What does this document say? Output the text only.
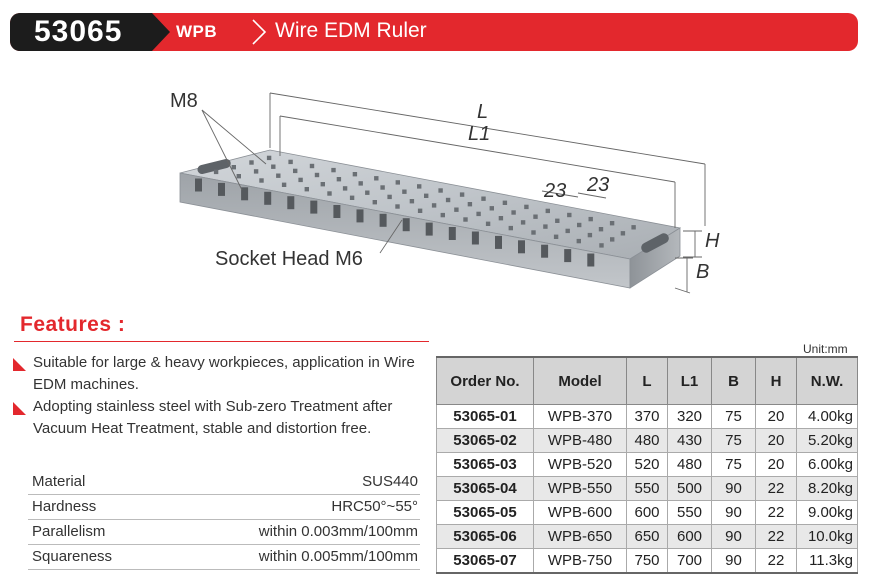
53065	WPB	Wire EDM Ruler
M8	L
L1
23 23
H
B
Socket Head M6
Features :
Suitable for large & heavy workpieces, application in Wire EDM machines.
Adopting stainless steel with Sub-zero Treatment after Vacuum Heat Treatment, stable and distortion free.
Material	SUS440
Hardness	HRC50°~55°
Parallelism	within 0.003mm/100mm
Squareness	within 0.005mm/100mm
Unit:mm
Order No.	Model	L	L1	B	H	N.W.
53065-01	WPB-370	370	320	75	20	4.00kg
53065-02	WPB-480	480	430	75	20	5.20kg
53065-03	WPB-520	520	480	75	20	6.00kg
53065-04	WPB-550	550	500	90	22	8.20kg
53065-05	WPB-600	600	550	90	22	9.00kg
53065-06	WPB-650	650	600	90	22	10.0kg
53065-07	WPB-750	750	700	90	22	11.3kg
